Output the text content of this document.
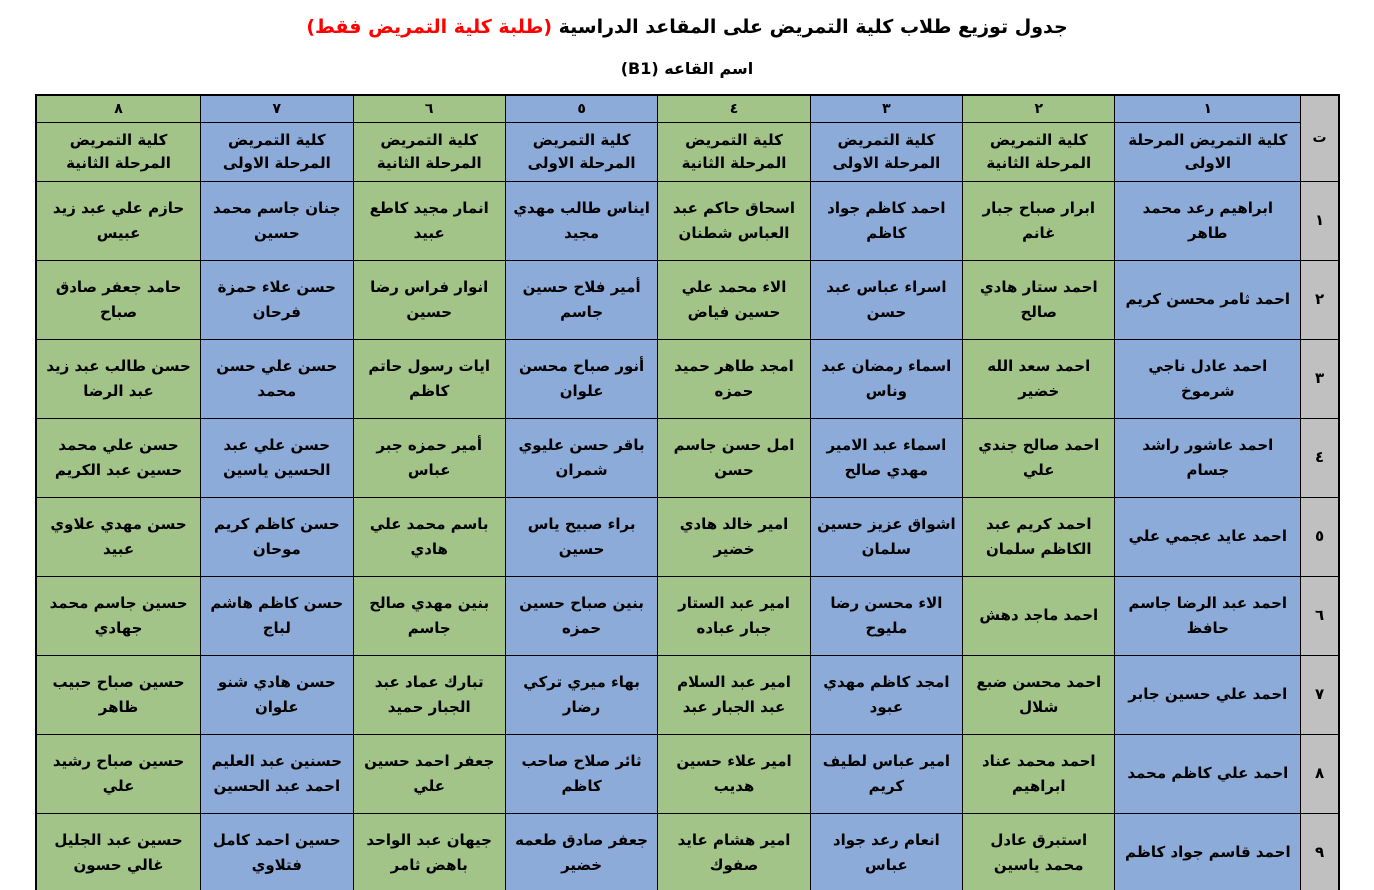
جدول توزيع طلاب كلية التمريض على المقاعد الدراسية (طلبة كلية التمريض فقط)
اسم القاعه (B1)
ت	١	٢	٣	٤	٥	٦	٧	٨
	كلية التمريض المرحلة الاولى	كلية التمريض المرحلة الثانية	كلية التمريض المرحلة الاولى	كلية التمريض المرحلة الثانية	كلية التمريض المرحلة الاولى	كلية التمريض المرحلة الثانية	كلية التمريض المرحلة الاولى	كلية التمريض المرحلة الثانية
١	ابراهيم رعد محمد طاهر	ابرار صباح جبار غانم	احمد كاظم جواد كاظم	اسحاق حاكم عبد العباس شطنان	ايناس طالب مهدي مجيد	انمار مجيد كاطع عبيد	جنان جاسم محمد حسين	حازم علي عبد زيد عبيس
٢	احمد ثامر محسن كريم	احمد ستار هادي صالح	اسراء عباس عبد حسن	الاء محمد علي حسين فياض	أمير فلاح حسين جاسم	انوار فراس رضا حسين	حسن علاء حمزة فرحان	حامد جعفر صادق صباح
٣	احمد عادل ناجي شرموخ	احمد سعد الله خضير	اسماء رمضان عبد وناس	امجد طاهر حميد حمزه	أنور صباح محسن علوان	ايات رسول حاتم كاظم	حسن علي حسن محمد	حسن طالب عبد زيد عبد الرضا
٤	احمد عاشور راشد جسام	احمد صالح جندي علي	اسماء عبد الامير مهدي صالح	امل حسن جاسم حسن	باقر حسن عليوي شمران	أمير حمزه جبر عباس	حسن علي عبد الحسين ياسين	حسن علي محمد حسين عبد الكريم
٥	احمد عايد عجمي علي	احمد كريم عبد الكاظم سلمان	اشواق عزيز حسين سلمان	امير خالد هادي خضير	براء صبيح ياس حسين	باسم محمد علي هادي	حسن كاظم كريم موحان	حسن مهدي علاوي عبيد
٦	احمد عبد الرضا جاسم حافظ	احمد ماجد دهش	الاء محسن رضا مليوح	امير عبد الستار جبار عباده	بنين صباح حسين حمزه	بنين مهدي صالح جاسم	حسن كاظم هاشم لباج	حسين جاسم محمد جهادي
٧	احمد علي حسين جابر	احمد محسن ضبع شلال	امجد كاظم مهدي عبود	امير عبد السلام عبد الجبار عبد	بهاء ميري تركي رضار	تبارك عماد عبد الجبار حميد	حسن هادي شنو علوان	حسين صباح حبيب ظاهر
٨	احمد علي كاظم محمد	احمد محمد عناد ابراهيم	امير عباس لطيف كريم	امير علاء حسين هديب	ثائر صلاح صاحب كاظم	جعفر احمد حسين علي	حسنين عبد العليم احمد عبد الحسين	حسين صباح رشيد علي
٩	احمد قاسم جواد كاظم	استبرق عادل محمد ياسين	انعام رعد جواد عباس	امير هشام عايد صفوك	جعفر صادق طعمه خضير	جيهان عبد الواحد باهض ثامر	حسين احمد كامل فتلاوي	حسين عبد الجليل غالي حسون
